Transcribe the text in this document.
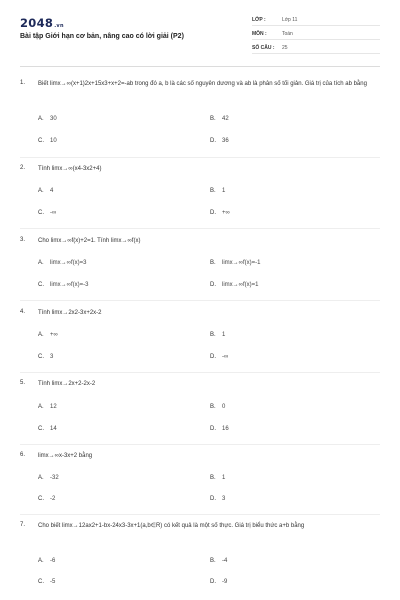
2048.vn
Bài tập Giới hạn cơ bản, nâng cao có lời giải (P2)
LỚP :	Lớp 11
MÔN :	Toán
SỐ CÂU :	25
1. Biết limx→∞(x+1)2x+15x3+x+2=-ab trong đó a, b là các số nguyên dương và ab là phân số tối giản. Giá trị của tích ab bằng
A. 30	B. 42
C. 10	D. 36
2. Tính limx→∞(x4-3x2+4)
A. 4	B. 1
C. -∞	D. +∞
3. Cho limx→∞f(x)+2=1. Tính limx→∞f(x)
A. limx→∞f(x)=3	B. limx→∞f(x)=-1
C. limx→∞f(x)=-3	D. limx→∞f(x)=1
4. Tính limx→2x2-3x+2x-2
A. +∞	B. 1
C. 3	D. -∞
5. Tính limx→2x+2-2x-2
A. 12	B. 0
C. 14	D. 16
6. limx→∞x-3x+2 bằng
A. -32	B. 1
C. -2	D. 3
7. Cho biết limx→12ax2+1-bx-24x3-3x+1(a,b∈R) có kết quả là một số thực. Giá trị biểu thức a+b bằng
A. -6	B. -4
C. -5	D. -9
